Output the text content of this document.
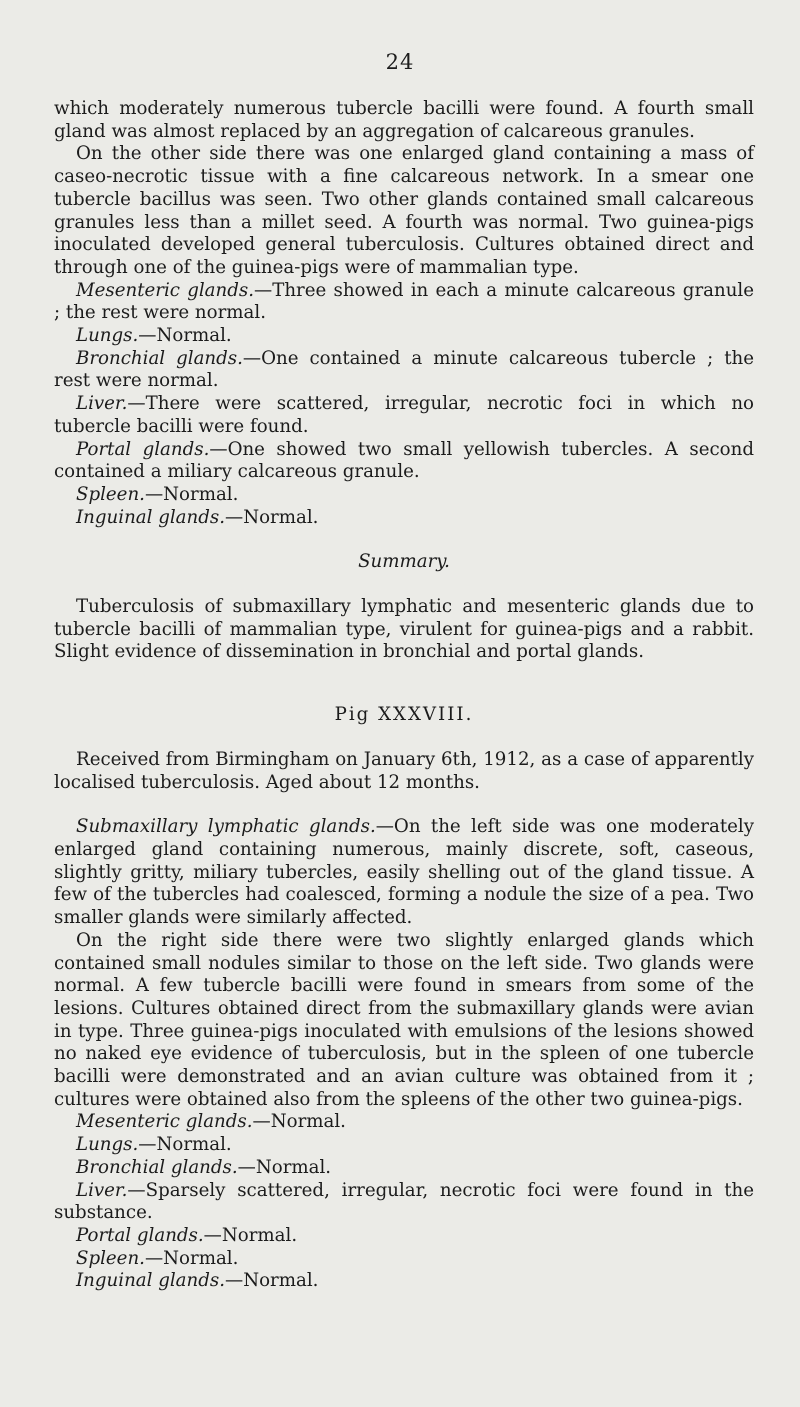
24

which moderately numerous tubercle bacilli were found. A fourth small gland was almost replaced by an aggregation of calcareous granules.

On the other side there was one enlarged gland containing a mass of caseo-necrotic tissue with a fine calcareous network. In a smear one tubercle bacillus was seen. Two other glands contained small calcareous granules less than a millet seed. A fourth was normal. Two guinea-pigs inoculated developed general tuberculosis. Cultures obtained direct and through one of the guinea-pigs were of mammalian type.

Mesenteric glands.—Three showed in each a minute calcareous granule ; the rest were normal.

Lungs.—Normal.

Bronchial glands.—One contained a minute calcareous tubercle ; the rest were normal.

Liver.—There were scattered, irregular, necrotic foci in which no tubercle bacilli were found.

Portal glands.—One showed two small yellowish tubercles. A second contained a miliary calcareous granule.

Spleen.—Normal.

Inguinal glands.—Normal.

Summary.

Tuberculosis of submaxillary lymphatic and mesenteric glands due to tubercle bacilli of mammalian type, virulent for guinea-pigs and a rabbit. Slight evidence of dissemination in bronchial and portal glands.

Pig XXXVIII.

Received from Birmingham on January 6th, 1912, as a case of apparently localised tuberculosis. Aged about 12 months.

Submaxillary lymphatic glands.—On the left side was one moderately enlarged gland containing numerous, mainly discrete, soft, caseous, slightly gritty, miliary tubercles, easily shelling out of the gland tissue. A few of the tubercles had coalesced, forming a nodule the size of a pea. Two smaller glands were similarly affected.

On the right side there were two slightly enlarged glands which contained small nodules similar to those on the left side. Two glands were normal. A few tubercle bacilli were found in smears from some of the lesions. Cultures obtained direct from the submaxillary glands were avian in type. Three guinea-pigs inoculated with emulsions of the lesions showed no naked eye evidence of tuberculosis, but in the spleen of one tubercle bacilli were demonstrated and an avian culture was obtained from it ; cultures were obtained also from the spleens of the other two guinea-pigs.

Mesenteric glands.—Normal.

Lungs.—Normal.

Bronchial glands.—Normal.

Liver.—Sparsely scattered, irregular, necrotic foci were found in the substance.

Portal glands.—Normal.

Spleen.—Normal.

Inguinal glands.—Normal.
